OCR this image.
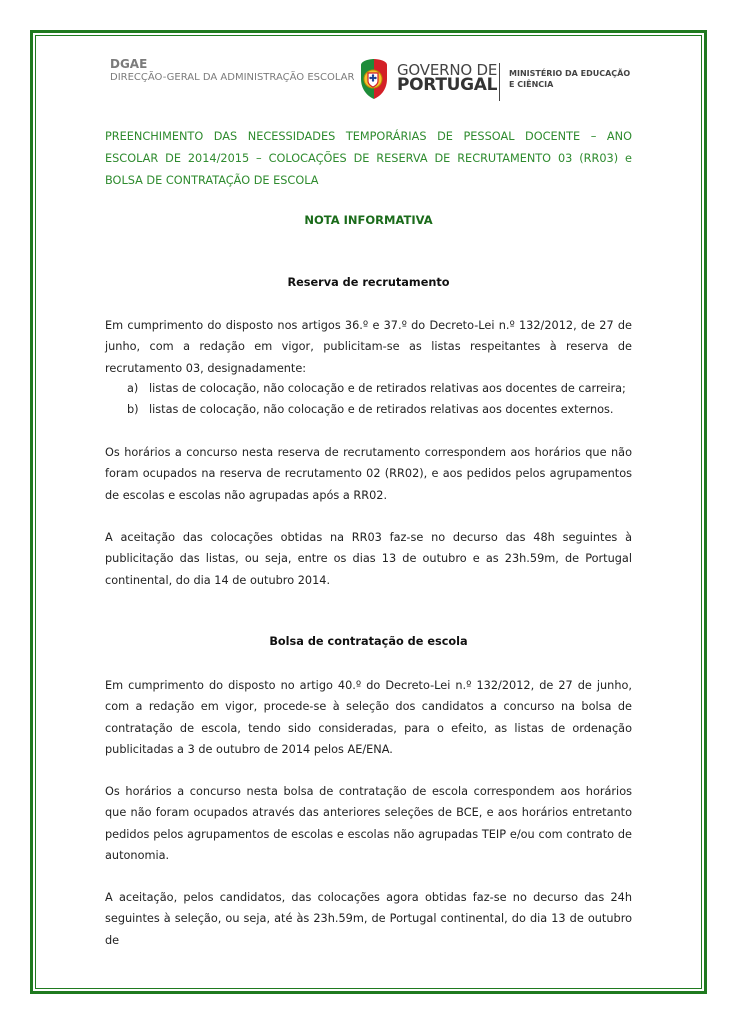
DGAE
DIRECÇÃO-GERAL DA ADMINISTRAÇÃO ESCOLAR	GOVERNO DE
PORTUGAL
MINISTÉRIO DA EDUCAÇÃO
E CIÊNCIA
PREENCHIMENTO DAS NECESSIDADES TEMPORÁRIAS DE PESSOAL DOCENTE – ANO ESCOLAR DE 2014/2015 – COLOCAÇÕES DE RESERVA DE RECRUTAMENTO 03 (RR03) e BOLSA DE CONTRATAÇÃO DE ESCOLA
NOTA INFORMATIVA
Reserva de recrutamento
Em cumprimento do disposto nos artigos 36.º e 37.º do Decreto-Lei n.º 132/2012, de 27 de junho, com a redação em vigor, publicitam-se as listas respeitantes à reserva de recrutamento 03, designadamente:
a) listas de colocação, não colocação e de retirados relativas aos docentes de carreira;
b) listas de colocação, não colocação e de retirados relativas aos docentes externos.
Os horários a concurso nesta reserva de recrutamento correspondem aos horários que não foram ocupados na reserva de recrutamento 02 (RR02), e aos pedidos pelos agrupamentos de escolas e escolas não agrupadas após a RR02.
A aceitação das colocações obtidas na RR03 faz-se no decurso das 48h seguintes à publicitação das listas, ou seja, entre os dias 13 de outubro e as 23h.59m, de Portugal continental, do dia 14 de outubro 2014.
Bolsa de contratação de escola
Em cumprimento do disposto no artigo 40.º do Decreto-Lei n.º 132/2012, de 27 de junho, com a redação em vigor, procede-se à seleção dos candidatos a concurso na bolsa de contratação de escola, tendo sido consideradas, para o efeito, as listas de ordenação publicitadas a 3 de outubro de 2014 pelos AE/ENA.
Os horários a concurso nesta bolsa de contratação de escola correspondem aos horários que não foram ocupados através das anteriores seleções de BCE, e aos horários entretanto pedidos pelos agrupamentos de escolas e escolas não agrupadas TEIP e/ou com contrato de autonomia.
A aceitação, pelos candidatos, das colocações agora obtidas faz-se no decurso das 24h seguintes à seleção, ou seja, até às 23h.59m, de Portugal continental, do dia 13 de outubro de
